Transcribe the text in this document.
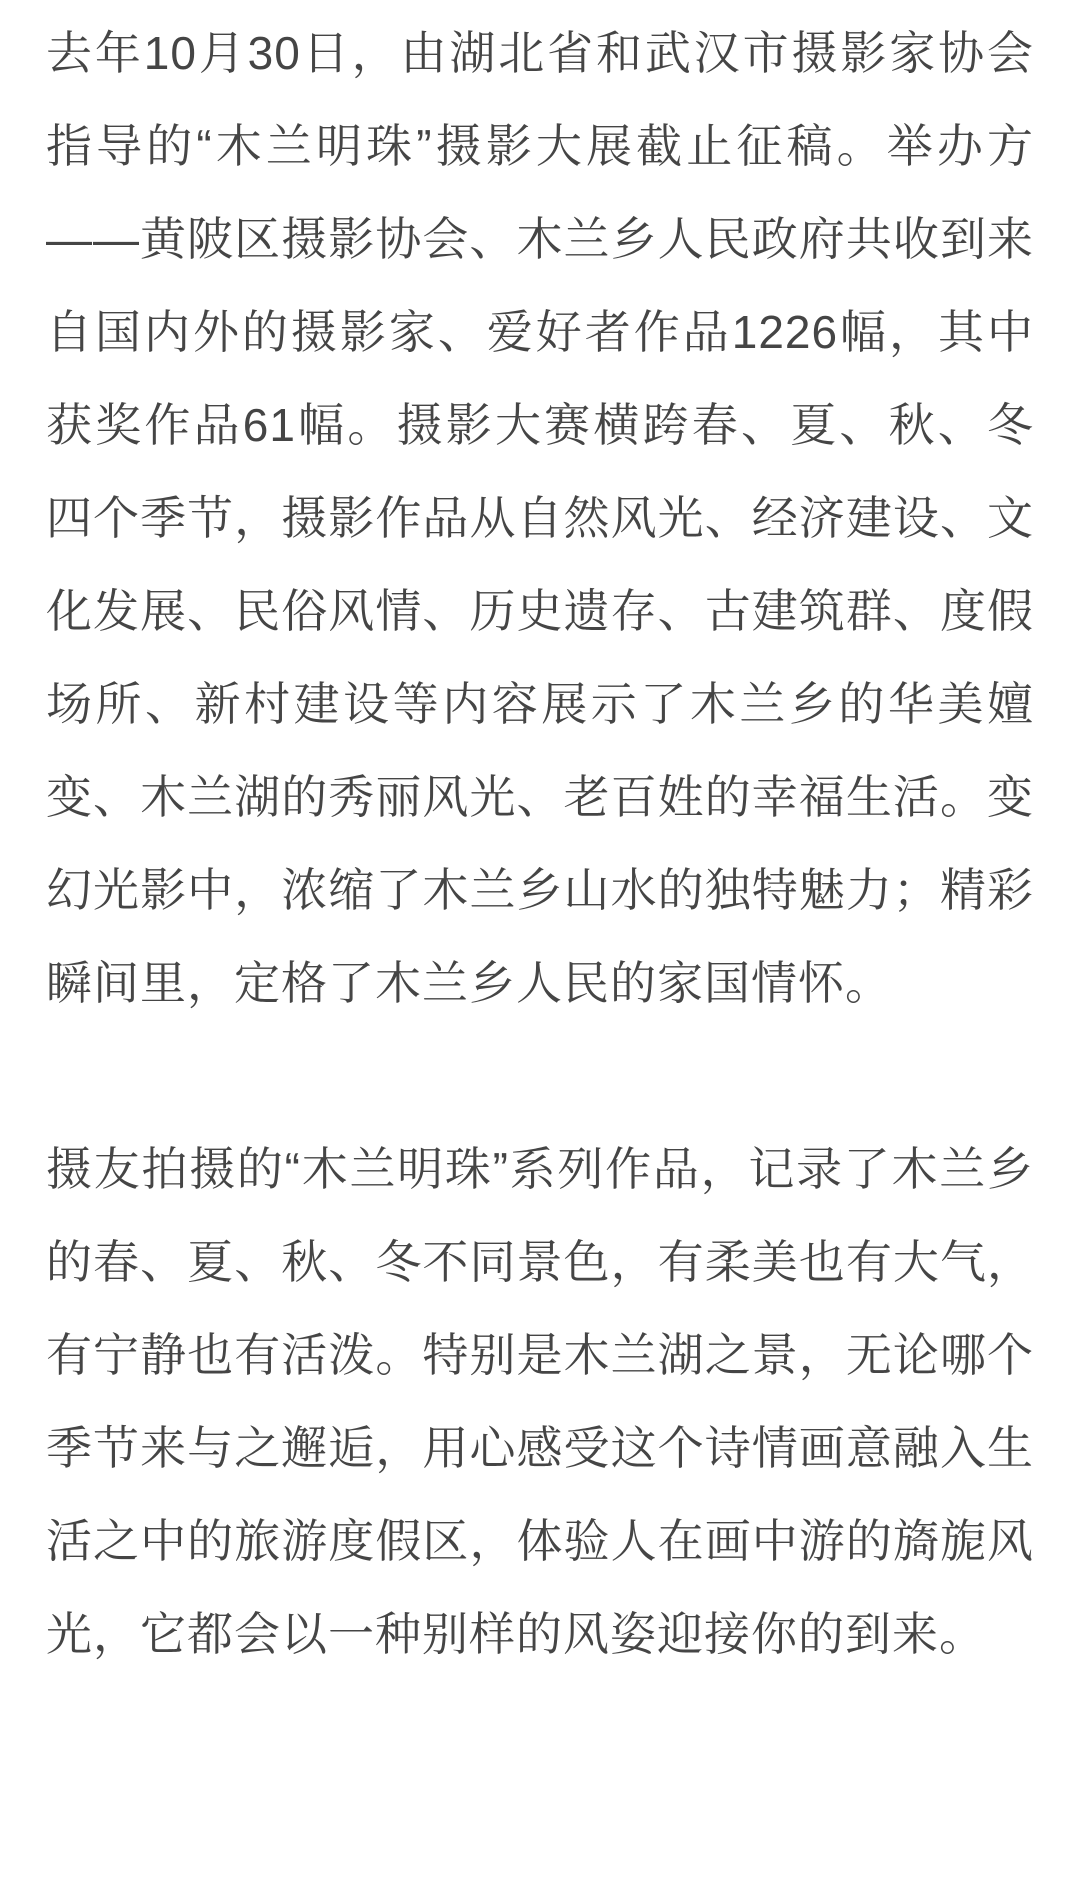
去年10月30日，由湖北省和武汉市摄影家协会指导的“木兰明珠”摄影大展截止征稿。举办方——黄陂区摄影协会、木兰乡人民政府共收到来自国内外的摄影家、爱好者作品1226幅，其中获奖作品61幅。摄影大赛横跨春、夏、秋、冬四个季节，摄影作品从自然风光、经济建设、文化发展、民俗风情、历史遗存、古建筑群、度假场所、新村建设等内容展示了木兰乡的华美嬗变、木兰湖的秀丽风光、老百姓的幸福生活。变幻光影中，浓缩了木兰乡山水的独特魅力；精彩瞬间里，定格了木兰乡人民的家国情怀。

摄友拍摄的“木兰明珠”系列作品，记录了木兰乡的春、夏、秋、冬不同景色，有柔美也有大气，有宁静也有活泼。特别是木兰湖之景，无论哪个季节来与之邂逅，用心感受这个诗情画意融入生活之中的旅游度假区，体验人在画中游的旖旎风光，它都会以一种别样的风姿迎接你的到来。
